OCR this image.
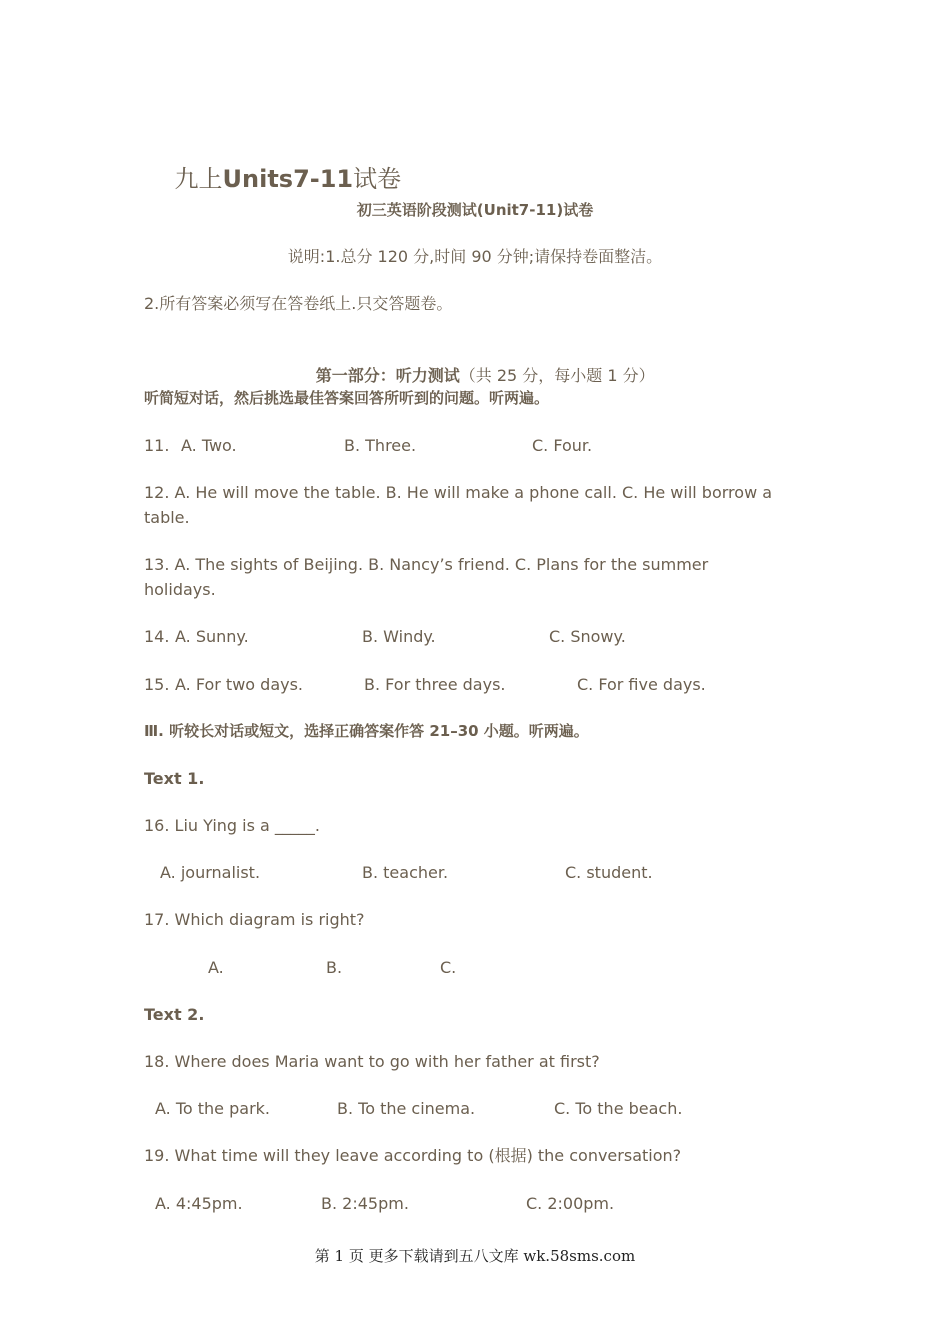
九上Units7-11试卷

初三英语阶段测试(Unit7-11)试卷
说明:1.总分 120 分,时间 90 分钟;请保持卷面整洁。
2.所有答案必须写在答卷纸上.只交答题卷。

第一部分：听力测试（共 25 分，每小题 1 分）

听简短对话，然后挑选最佳答案回答所听到的问题。听两遍。
11. A. Two.	B. Three.	C. Four.
12. A. He will move the table. B. He will make a phone call. C. He will borrow a table.
13. A. The sights of Beijing. B. Nancy’s friend. C. Plans for the summer holidays.
14. A. Sunny.	B. Windy.	C. Snowy.
15. A. For two days.	B. For three days.	C. For five days.
Ⅲ. 听较长对话或短文，选择正确答案作答 21–30 小题。听两遍。
Text 1.
16. Liu Ying is a _____.
A. journalist.	B. teacher.	C. student.
17. Which diagram is right?
A.	B.	C.
Text 2.
18. Where does Maria want to go with her father at first?
A. To the park.	B. To the cinema.	C. To the beach.
19. What time will they leave according to (根据) the conversation?
A. 4:45pm.	B. 2:45pm.	C. 2:00pm.
第 1 页 更多下载请到五八文库 wk.58sms.com
